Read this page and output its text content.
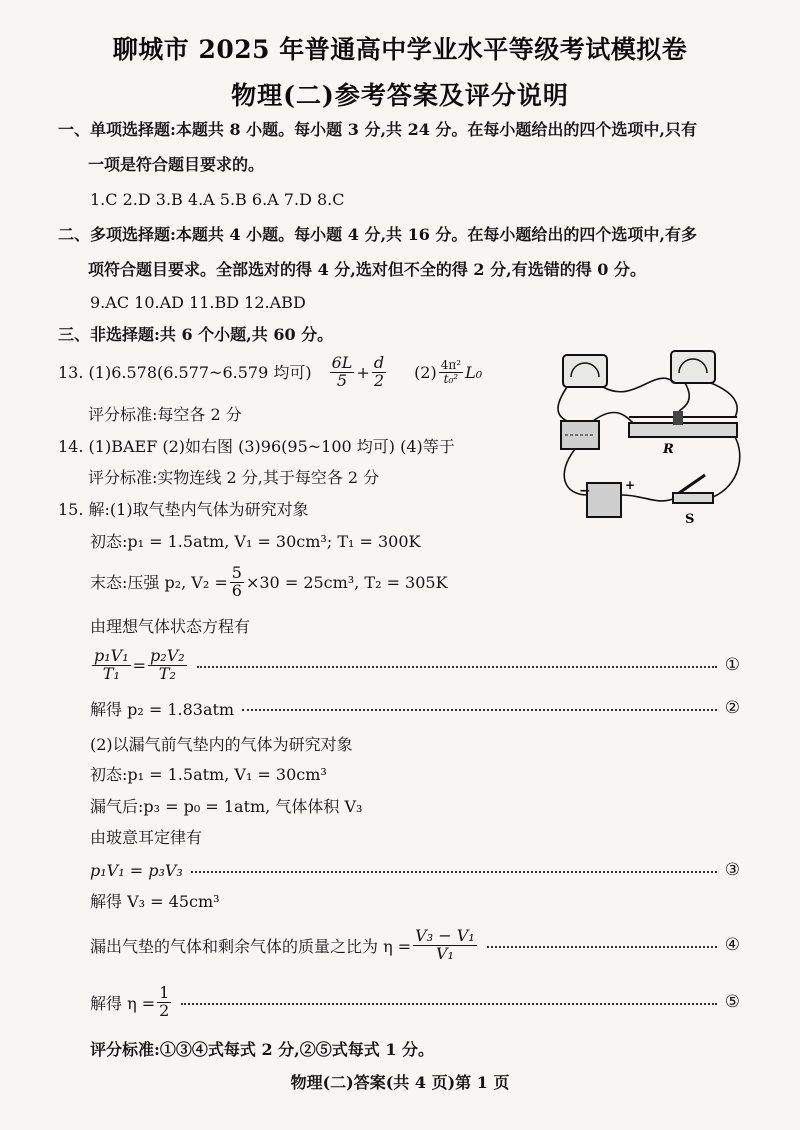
聊城市 2025 年普通高中学业水平等级考试模拟卷
物理(二)参考答案及评分说明
一、单项选择题:本题共 8 小题。每小题 3 分,共 24 分。在每小题给出的四个选项中,只有
一项是符合题目要求的。
1.C 2.D 3.B 4.A 5.B 6.A 7.D 8.C
二、多项选择题:本题共 4 小题。每小题 4 分,共 16 分。在每小题给出的四个选项中,有多
项符合题目要求。全部选对的得 4 分,选对但不全的得 2 分,有选错的得 0 分。
9.AC 10.AD 11.BD 12.ABD
三、非选择题:共 6 个小题,共 60 分。
13. (1)6.578(6.577~6.579 均可) $\frac{6L}{5} + \frac{d}{2} (2) \frac{\text{4π²}}{\text{t₀²}} L_0$
评分标准:每空各 2 分
14. (1)BAEF (2)如右图 (3)96(95~100 均可) (4)等于
评分标准:实物连线 2 分,其于每空各 2 分
R
−	+
S
15. 解:(1)取气垫内气体为研究对象
初态:p₁ = 1.5atm, V₁ = 30cm³; T₁ = 300K
末态:压强 p₂, $V_2 = \frac{5}{6} \times 30 = 25cm^3$, T₂ = 305K
由理想气体状态方程有
$\frac{\text{p₁V₁}}{\text{T₁}} = \frac{\text{p₂V₂}}{\text{T₂}}$	①
解得 p₂ = 1.83atm	②
(2)以漏气前气垫内的气体为研究对象
初态:p₁ = 1.5atm, V₁ = 30cm³
漏气后:p₃ = p₀ = 1atm, 气体体积 V₃
由玻意耳定律有
p₁V₁ = p₃V₃	③
解得 V₃ = 45cm³
漏出气垫的气体和剩余气体的质量之比为 $\eta = \frac{\text{V₃ − V₁}}{\text{V₁}}$	④
解得 $\eta = \frac{1}{2}$	⑤
评分标准:①③④式每式 2 分,②⑤式每式 1 分。
物理(二)答案(共 4 页)第 1 页
